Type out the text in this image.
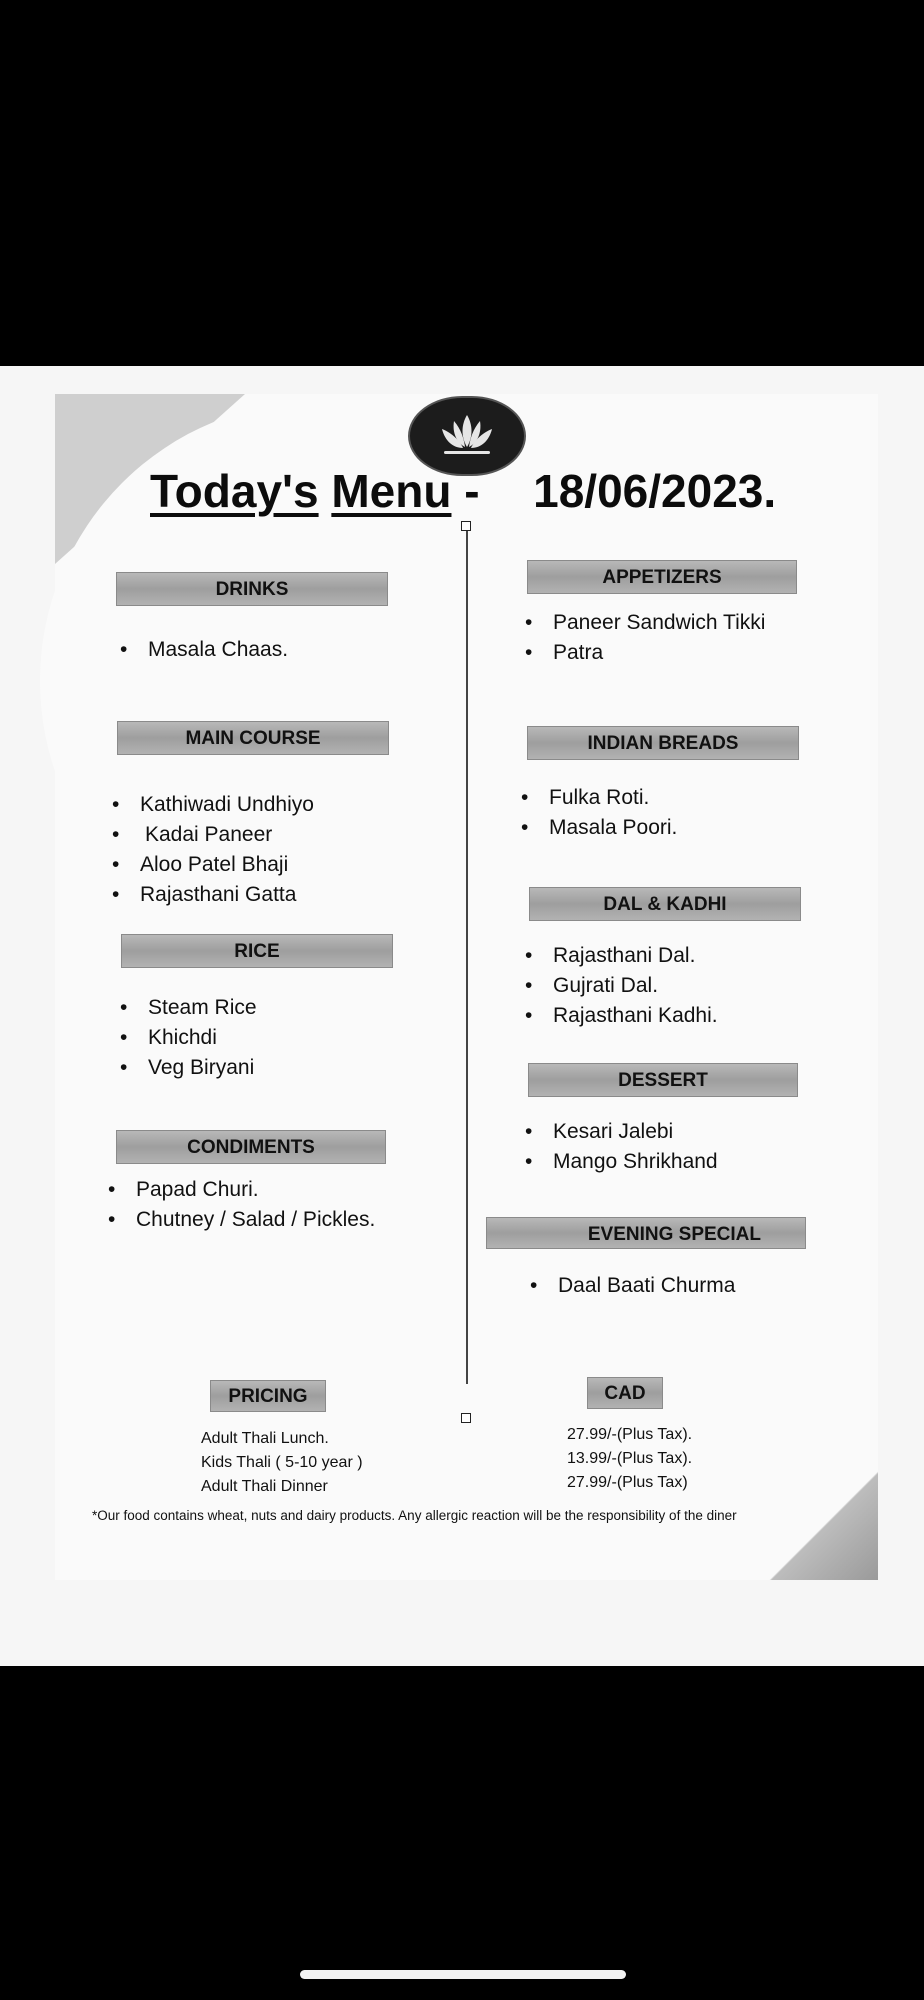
Today's Menu -  18/06/2023.
DRINKS
• Masala Chaas.
MAIN COURSE
• Kathiwadi Undhiyo
• Kadai Paneer
• Aloo Patel Bhaji
• Rajasthani Gatta
RICE
• Steam Rice
• Khichdi
• Veg Biryani
CONDIMENTS
• Papad Churi.
• Chutney / Salad / Pickles.
APPETIZERS
• Paneer Sandwich Tikki
• Patra
INDIAN BREADS
• Fulka Roti.
• Masala Poori.
DAL & KADHI
• Rajasthani Dal.
• Gujrati Dal.
• Rajasthani Kadhi.
DESSERT
• Kesari Jalebi
• Mango Shrikhand
EVENING SPECIAL
• Daal Baati Churma
PRICING	CAD
Adult Thali Lunch.
Kids Thali ( 5-10 year )
Adult Thali Dinner
27.99/-(Plus Tax).
13.99/-(Plus Tax).
27.99/-(Plus Tax)
*Our food contains wheat, nuts and dairy products. Any allergic reaction will be the responsibility of the diner
